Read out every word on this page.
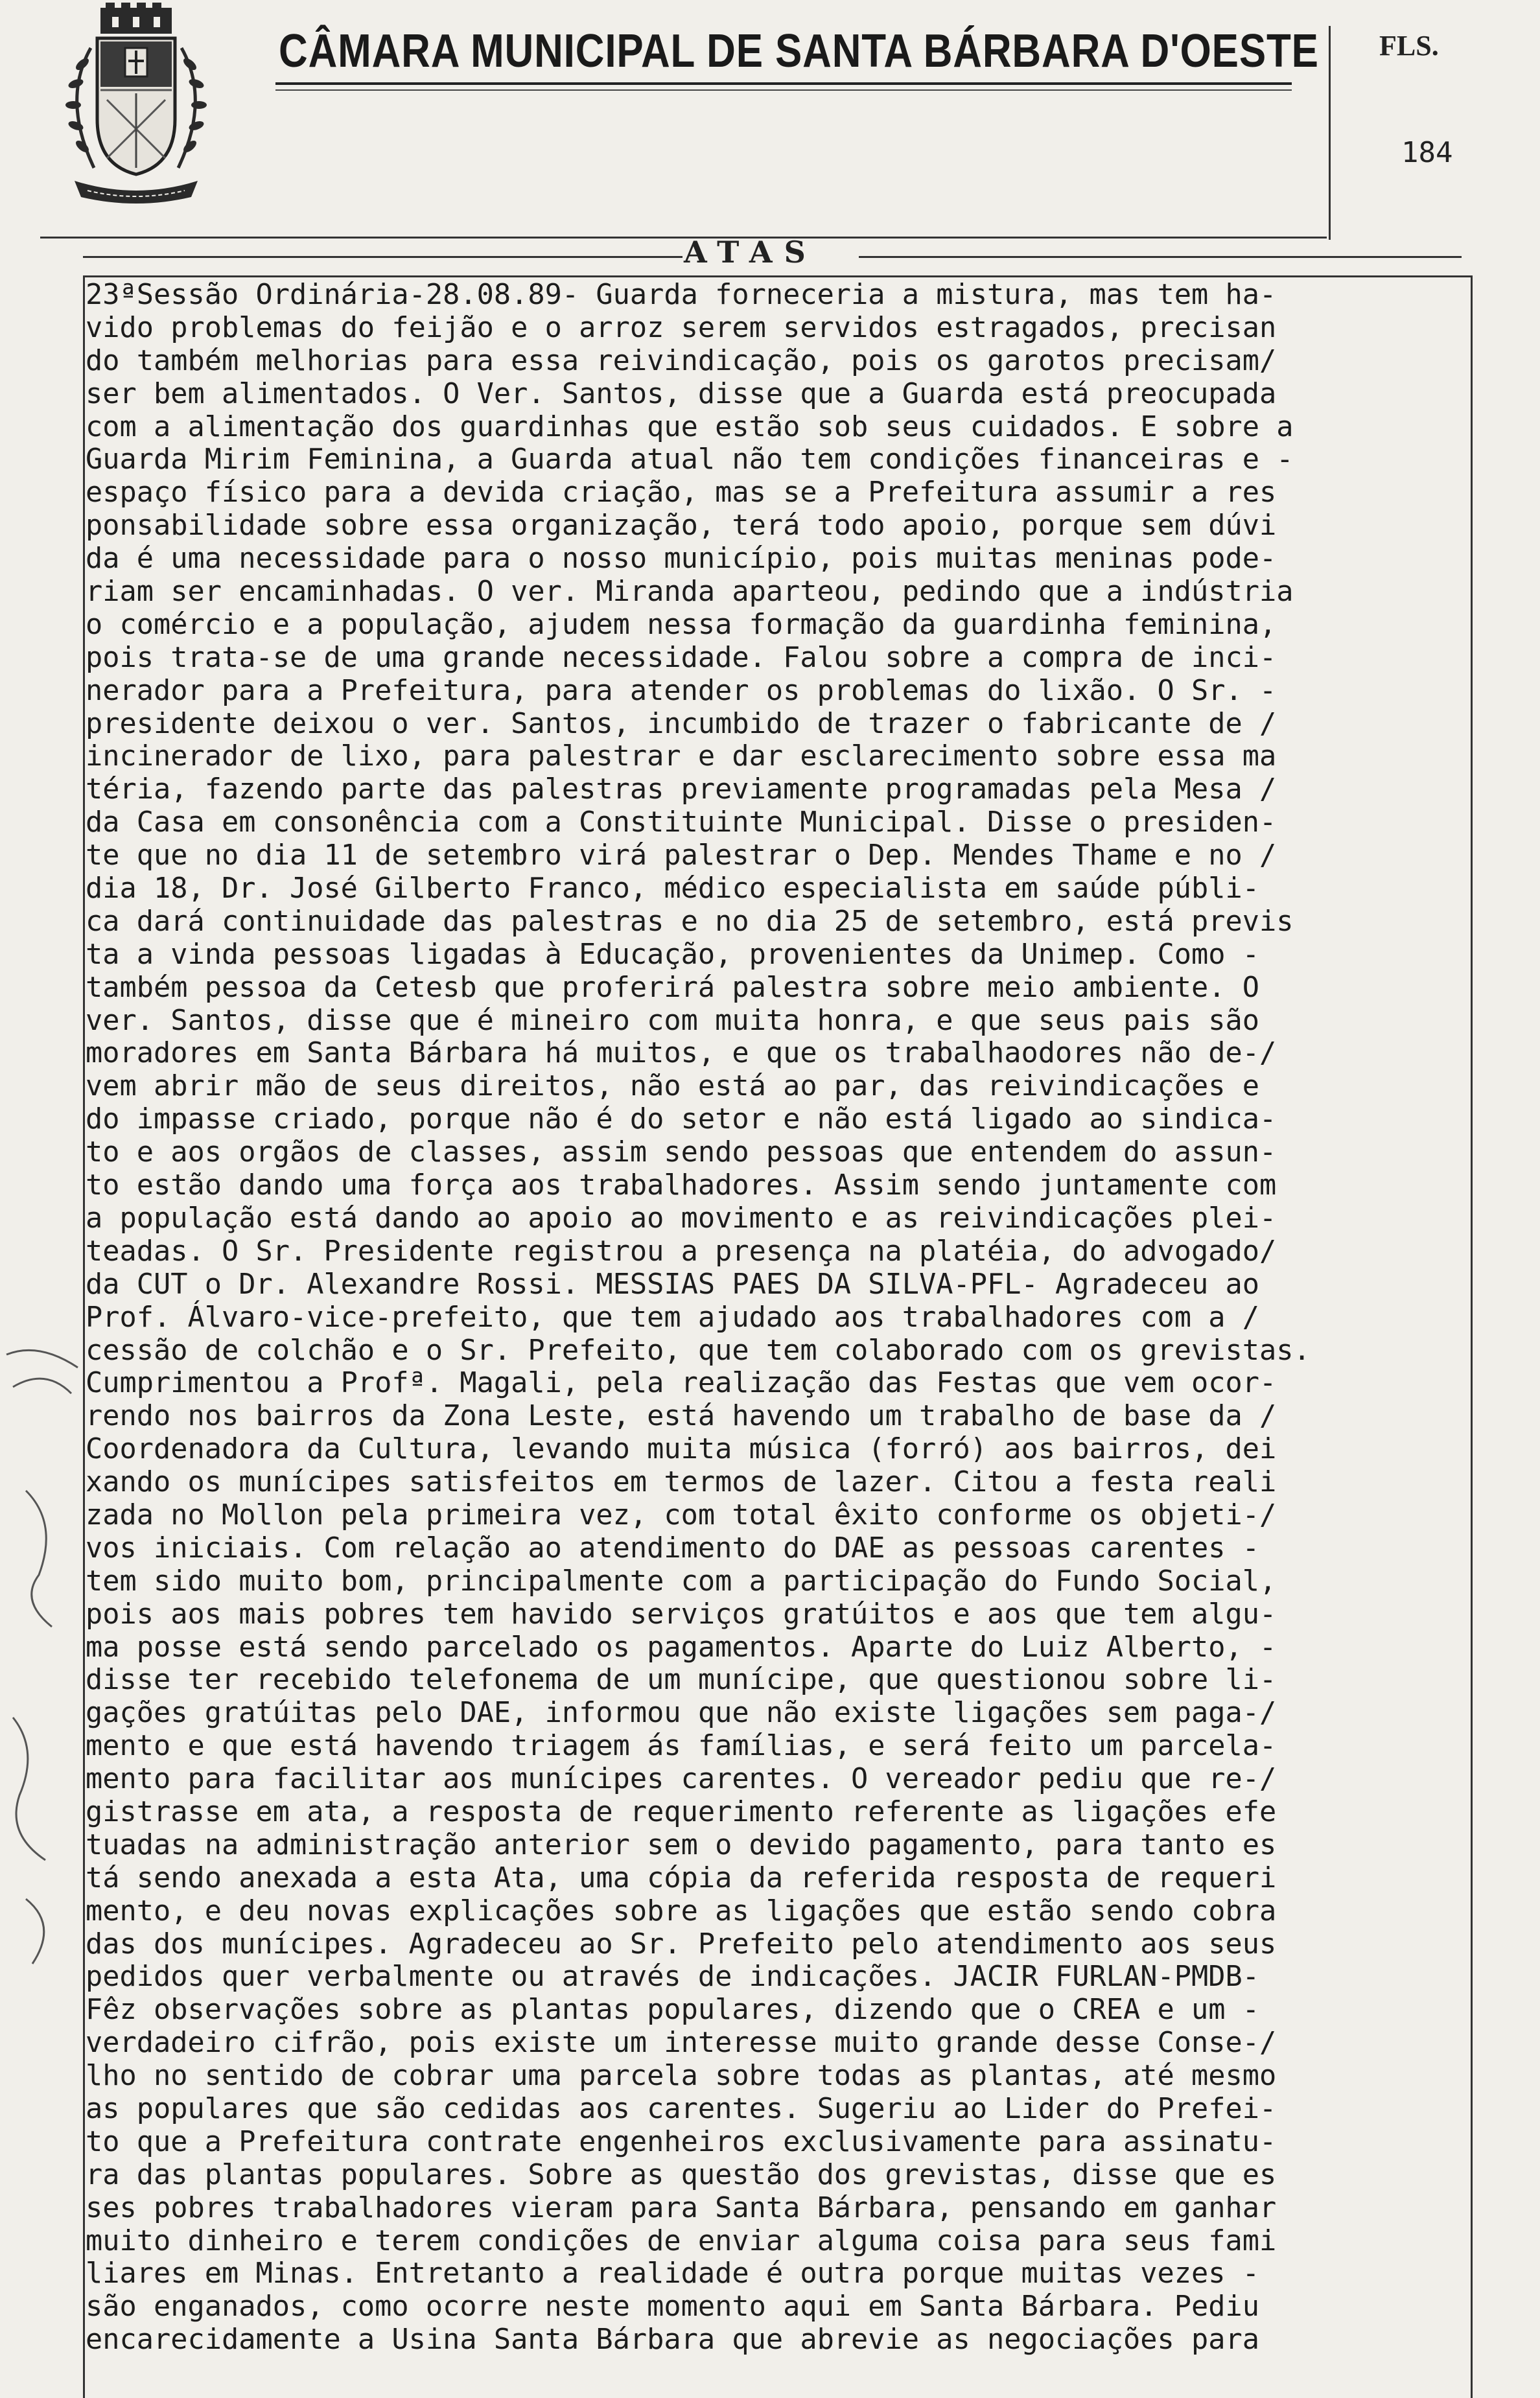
CÂMARA MUNICIPAL DE SANTA BÁRBARA D'OESTE FLS.
184
ATAS
23ªSessão Ordinária-28.08.89- Guarda forneceria a mistura, mas tem ha-
vido problemas do feijão e o arroz serem servidos estragados, precisan
do também melhorias para essa reivindicação, pois os garotos precisam/
ser bem alimentados. O Ver. Santos, disse que a Guarda está preocupada
com a alimentação dos guardinhas que estão sob seus cuidados. E sobre a
Guarda Mirim Feminina, a Guarda atual não tem condições financeiras e -
espaço físico para a devida criação, mas se a Prefeitura assumir a res
ponsabilidade sobre essa organização, terá todo apoio, porque sem dúvi
da é uma necessidade para o nosso município, pois muitas meninas pode-
riam ser encaminhadas. O ver. Miranda aparteou, pedindo que a indústria
o comércio e a população, ajudem nessa formação da guardinha feminina,
pois trata-se de uma grande necessidade. Falou sobre a compra de inci-
nerador para a Prefeitura, para atender os problemas do lixão. O Sr. -
presidente deixou o ver. Santos, incumbido de trazer o fabricante de /
incinerador de lixo, para palestrar e dar esclarecimento sobre essa ma
téria, fazendo parte das palestras previamente programadas pela Mesa /
da Casa em consonência com a Constituinte Municipal. Disse o presiden-
te que no dia 11 de setembro virá palestrar o Dep. Mendes Thame e no /
dia 18, Dr. José Gilberto Franco, médico especialista em saúde públi-
ca dará continuidade das palestras e no dia 25 de setembro, está previs
ta a vinda pessoas ligadas à Educação, provenientes da Unimep. Como -
também pessoa da Cetesb que proferirá palestra sobre meio ambiente. O
ver. Santos, disse que é mineiro com muita honra, e que seus pais são
moradores em Santa Bárbara há muitos, e que os trabalhaodores não de-/
vem abrir mão de seus direitos, não está ao par, das reivindicações e
do impasse criado, porque não é do setor e não está ligado ao sindica-
to e aos orgãos de classes, assim sendo pessoas que entendem do assun-
to estão dando uma força aos trabalhadores. Assim sendo juntamente com
a população está dando ao apoio ao movimento e as reivindicações plei-
teadas. O Sr. Presidente registrou a presença na platéia, do advogado/
da CUT o Dr. Alexandre Rossi. MESSIAS PAES DA SILVA-PFL- Agradeceu ao
Prof. Álvaro-vice-prefeito, que tem ajudado aos trabalhadores com a /
cessão de colchão e o Sr. Prefeito, que tem colaborado com os grevistas.
Cumprimentou a Profª. Magali, pela realização das Festas que vem ocor-
rendo nos bairros da Zona Leste, está havendo um trabalho de base da /
Coordenadora da Cultura, levando muita música (forró) aos bairros, dei
xando os munícipes satisfeitos em termos de lazer. Citou a festa reali
zada no Mollon pela primeira vez, com total êxito conforme os objeti-/
vos iniciais. Com relação ao atendimento do DAE as pessoas carentes -
tem sido muito bom, principalmente com a participação do Fundo Social,
pois aos mais pobres tem havido serviços gratúitos e aos que tem algu-
ma posse está sendo parcelado os pagamentos. Aparte do Luiz Alberto, -
disse ter recebido telefonema de um munícipe, que questionou sobre li-
gações gratúitas pelo DAE, informou que não existe ligações sem paga-/
mento e que está havendo triagem ás famílias, e será feito um parcela-
mento para facilitar aos munícipes carentes. O vereador pediu que re-/
gistrasse em ata, a resposta de requerimento referente as ligações efe
tuadas na administração anterior sem o devido pagamento, para tanto es
tá sendo anexada a esta Ata, uma cópia da referida resposta de requeri
mento, e deu novas explicações sobre as ligações que estão sendo cobra
das dos munícipes. Agradeceu ao Sr. Prefeito pelo atendimento aos seus
pedidos quer verbalmente ou através de indicações. JACIR FURLAN-PMDB-
Fêz observações sobre as plantas populares, dizendo que o CREA e um -
verdadeiro cifrão, pois existe um interesse muito grande desse Conse-/
lho no sentido de cobrar uma parcela sobre todas as plantas, até mesmo
as populares que são cedidas aos carentes. Sugeriu ao Lider do Prefei-
to que a Prefeitura contrate engenheiros exclusivamente para assinatu-
ra das plantas populares. Sobre as questão dos grevistas, disse que es
ses pobres trabalhadores vieram para Santa Bárbara, pensando em ganhar
muito dinheiro e terem condições de enviar alguma coisa para seus fami
liares em Minas. Entretanto a realidade é outra porque muitas vezes -
são enganados, como ocorre neste momento aqui em Santa Bárbara. Pediu
encarecidamente a Usina Santa Bárbara que abrevie as negociações para
